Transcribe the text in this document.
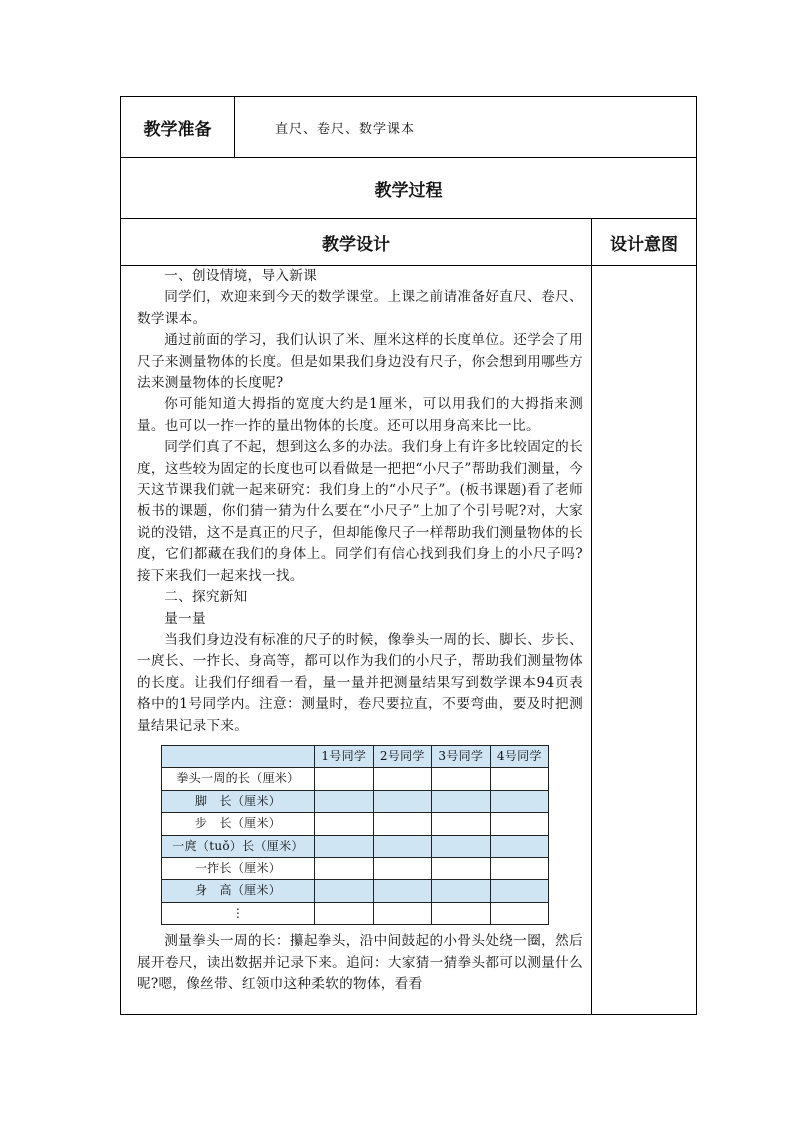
教学准备	直尺、卷尺、数学课本
教学过程
教学设计	设计意图

一、创设情境，导入新课

同学们，欢迎来到今天的数学课堂。上课之前请准备好直尺、卷尺、数学课本。

通过前面的学习，我们认识了米、厘米这样的长度单位。还学会了用尺子来测量物体的长度。但是如果我们身边没有尺子，你会想到用哪些方法来测量物体的长度呢?

你可能知道大拇指的宽度大约是1厘米，可以用我们的大拇指来测量。也可以一拃一拃的量出物体的长度。还可以用身高来比一比。

同学们真了不起，想到这么多的办法。我们身上有许多比较固定的长度，这些较为固定的长度也可以看做是一把把“小尺子”帮助我们测量，今天这节课我们就一起来研究：我们身上的“小尺子”。(板书课题)看了老师板书的课题，你们猜一猜为什么要在“小尺子”上加了个引号呢?对，大家说的没错，这不是真正的尺子，但却能像尺子一样帮助我们测量物体的长度，它们都藏在我们的身体上。同学们有信心找到我们身上的小尺子吗?接下来我们一起来找一找。

二、探究新知

量一量

当我们身边没有标准的尺子的时候，像拳头一周的长、脚长、步长、一庹长、一拃长、身高等，都可以作为我们的小尺子，帮助我们测量物体的长度。让我们仔细看一看，量一量并把测量结果写到数学课本94页表格中的1号同学内。注意：测量时，卷尺要拉直，不要弯曲，要及时把测量结果记录下来。

	1号同学	2号同学	3号同学	4号同学
拳头一周的长（厘米）				
脚　长（厘米）				
步　长（厘米）				
一庹（tuǒ）长（厘米）				
一拃长（厘米）				
身　高（厘米）				
⋮				

测量拳头一周的长：攥起拳头，沿中间鼓起的小骨头处绕一圈，然后展开卷尺，读出数据并记录下来。追问：大家猜一猜拳头都可以测量什么呢?嗯，像丝带、红领巾这种柔软的物体，看看
